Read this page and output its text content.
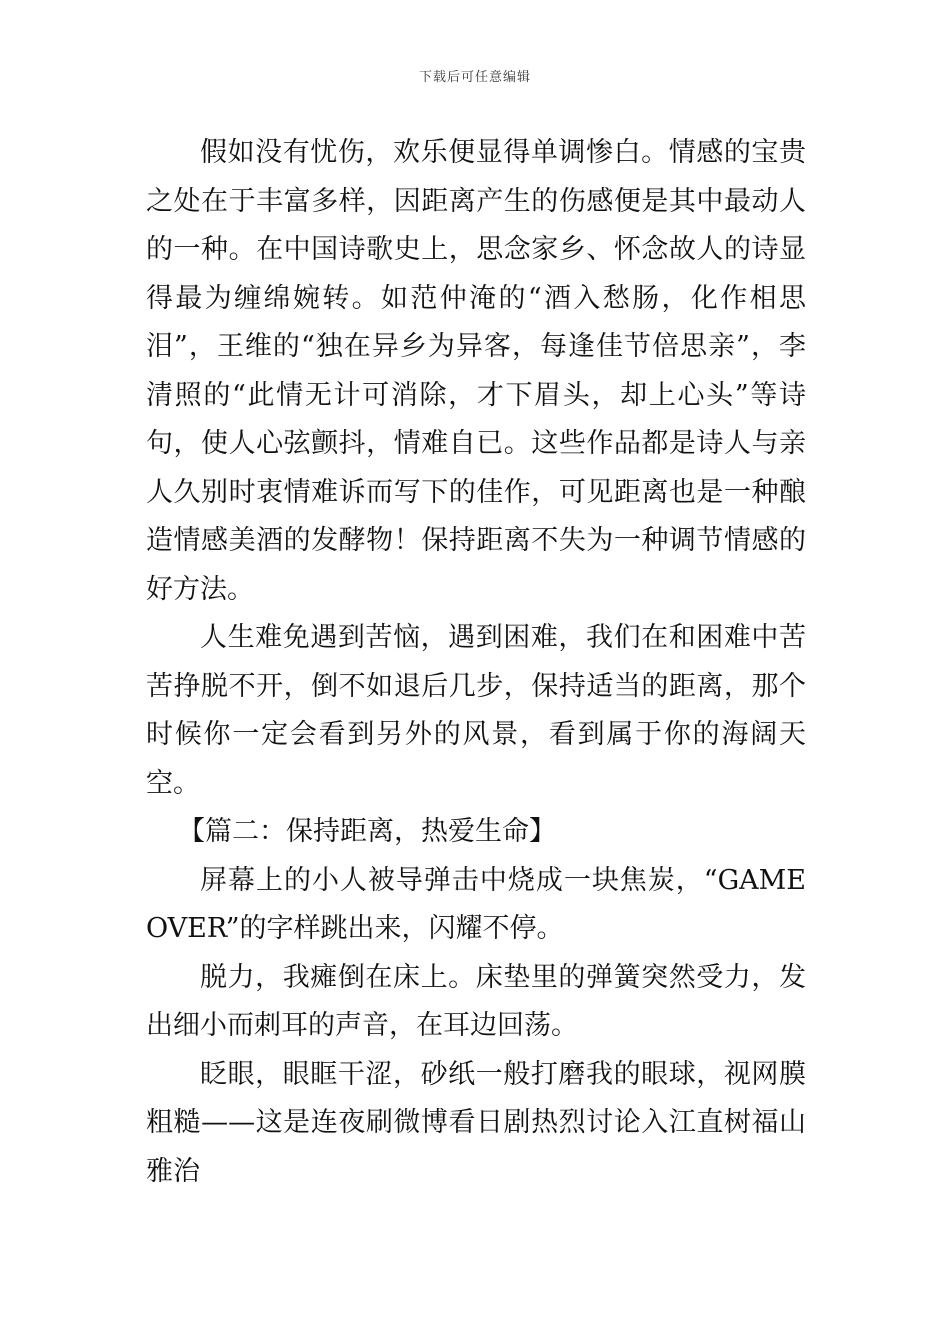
下载后可任意编辑

假如没有忧伤，欢乐便显得单调惨白。情感的宝贵之处在于丰富多样，因距离产生的伤感便是其中最动人的一种。在中国诗歌史上，思念家乡、怀念故人的诗显得最为缠绵婉转。如范仲淹的“酒入愁肠，化作相思泪”，王维的“独在异乡为异客，每逢佳节倍思亲”，李清照的“此情无计可消除，才下眉头，却上心头”等诗句，使人心弦颤抖，情难自已。这些作品都是诗人与亲人久别时衷情难诉而写下的佳作，可见距离也是一种酿造情感美酒的发酵物！保持距离不失为一种调节情感的好方法。

人生难免遇到苦恼，遇到困难，我们在和困难中苦苦挣脱不开，倒不如退后几步，保持适当的距离，那个时候你一定会看到另外的风景，看到属于你的海阔天空。

【篇二：保持距离，热爱生命】

屏幕上的小人被导弹击中烧成一块焦炭，“GAMEOVER”的字样跳出来，闪耀不停。

脱力，我瘫倒在床上。床垫里的弹簧突然受力，发出细小而刺耳的声音，在耳边回荡。

眨眼，眼眶干涩，砂纸一般打磨我的眼球，视网膜粗糙——这是连夜刷微博看日剧热烈讨论入江直树福山雅治
